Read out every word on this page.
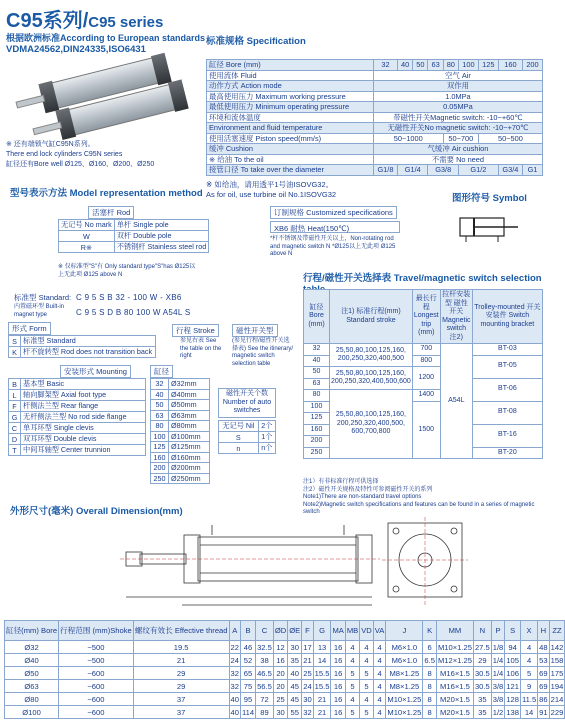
C95系列/C95 series
根据欧洲标准According to European standards
VDMA24562,DIN24335,ISO6431
※ 还有端锁气缸C95N系列。
There end lock cylinders C95N series
缸径还有Bore well Ø125、Ø160、Ø200、Ø250
标准规格 Specification
缸径 Bore (mm)	32	40	50	63	80	100	125	160	200
使用流体 Fluid	空气 Air								
动作方式 Action mode	双作用								
最高使用压力 Maximum working pressure	1.0MPa								
最低使用压力 Minimum operating pressure	0.05MPa								
环境和流体温度	带磁性开关Magnetic switch: -10~+60℃								
Environment and fluid temperature	无磁性开关No magnetic switch: -10~+70℃								
使用活塞速度 Piston speed(mm/s)	50~1000				50~700		50~500		
缓冲 Cushion	气缓冲 Air cushion								
※ 给油 To the oil	不需要 No need								
接管口径 To take over the diameter	G1/8	G1/4		G3/8		G1/2		G3/4	G1
※ 如给油，请用透平1号油ISOVG32。
As for oil, use turbine oil No.1ISOVG32
型号表示方法 Model representation method
活塞杆 Rod
无记号 No mark	单杆 Single pole
W	双杆 Double pole
R※	不锈钢杆 Stainless steel rod
※ 仅标准型"S"有 Only standard type"S"has Ø125以上无此项 Ø125 above N
订制规格 Customized specifications
XB6 耐热 Heat(150℃)
*杆不锈钢及带磁性开关以上，Non-rotating rod and magnetic switch N *Ø125以上无此项 Ø125 above N
标准型 Standard: C 9 5 S B 32 - 100 W - XB6
内置磁环型 Built-in magnet type	C 9 5 S D B 80 100 W A54L S
形式 Form
S	标准型 Standard
K	杆不旋转型 Rod does not transition back
安装形式 Mounting
B	基本型 Basic
L	轴向脚架型 Axial foot type
F	杆侧法兰型 Rear flange
G	无杆侧法兰型 No rod side flange
C	单耳环型 Single clevis
D	双耳环型 Double clevis
T	中间耳轴型 Center trunnion
缸径
32	Ø32mm
40	Ø40mm
50	Ø50mm
63	Ø63mm
80	Ø80mm
100	Ø100mm
125	Ø125mm
160	Ø160mm
200	Ø200mm
250	Ø250mm
行程 Stroke
参见右表 See the table on the right
磁性开关型
(参见行程/磁性开关选择表) See the itinerary/ magnetic switch selection table
磁性开关个数 Number of auto switches
无记号 Nil	2个
S	1个
n	n个
图形符号 Symbol
行程/磁性开关选择表 Travel/magnetic switch selection
缸径 Bore (mm)	注1) 标准行程(mm) Standard stroke	最长行程 Longest trip (mm)	拉杆安装型 磁性开关 Magnetic switch
注2)	Trolley-mounted 开关安装件 Switch mounting bracket
32	25,50,80,100,125,160, 200,250,320,400,500	700	A54L	BT-03
40		800		BT-05
50	25,50,80,100,125,160, 200,250,320,400,500,600	1200		
63				BT-06
80	25,50,80,100,125,160, 200,250,320,400,500, 600,700,800	1400		
100		1500		BT-08
125				
160				BT-16
200				
250				BT-20
注1）有非标准行程可供选择
注2）磁性开关规格及特性可参阅磁性开关的系列
Note1)There are non-standard travel options
Note2)Magnetic switch specifications and features can be found in a series of magnetic switch
外形尺寸(毫米) Overall Dimension(mm)
缸径(mm) Bore	行程范围 (mm)Shoke	螺纹有效长 Effective thread	A	B	C	ØD	ØE	F	G	MA	MB	VD	VA	J	K	MM	N	P	S	X	H	ZZ
Ø32	~500	19.5	22	46	32.5	12	30	17	13	16	4	4	4	M6×1.0	6	M10×1.25	27.5	1/8	94	4	48	142
Ø40	~500	21	24	52	38	16	35	21	14	16	4	4	4	M6×1.0	6.5	M12×1.25	29	1/4	105	4	53	158
Ø50	~600	29	32	65	46.5	20	40	25	15.5	16	5	5	4	M8×1.25	8	M16×1.5	30.5	1/4	106	5	69	175
Ø63	~600	29	32	75	56.5	20	45	24	15.5	16	5	5	4	M8×1.25	8	M16×1.5	30.5	3/8	121	9	69	194
Ø80	~600	37	40	95	72	25	45	30	21	16	4	4	4	M10×1.25	8	M20×1.5	35	3/8	128	11.5	86	214
Ø100	~600	37	40	114	89	30	55	32	21	16	5	5	4	M10×1.25	8	M20×1.5	35	1/2	138	14	91	229
